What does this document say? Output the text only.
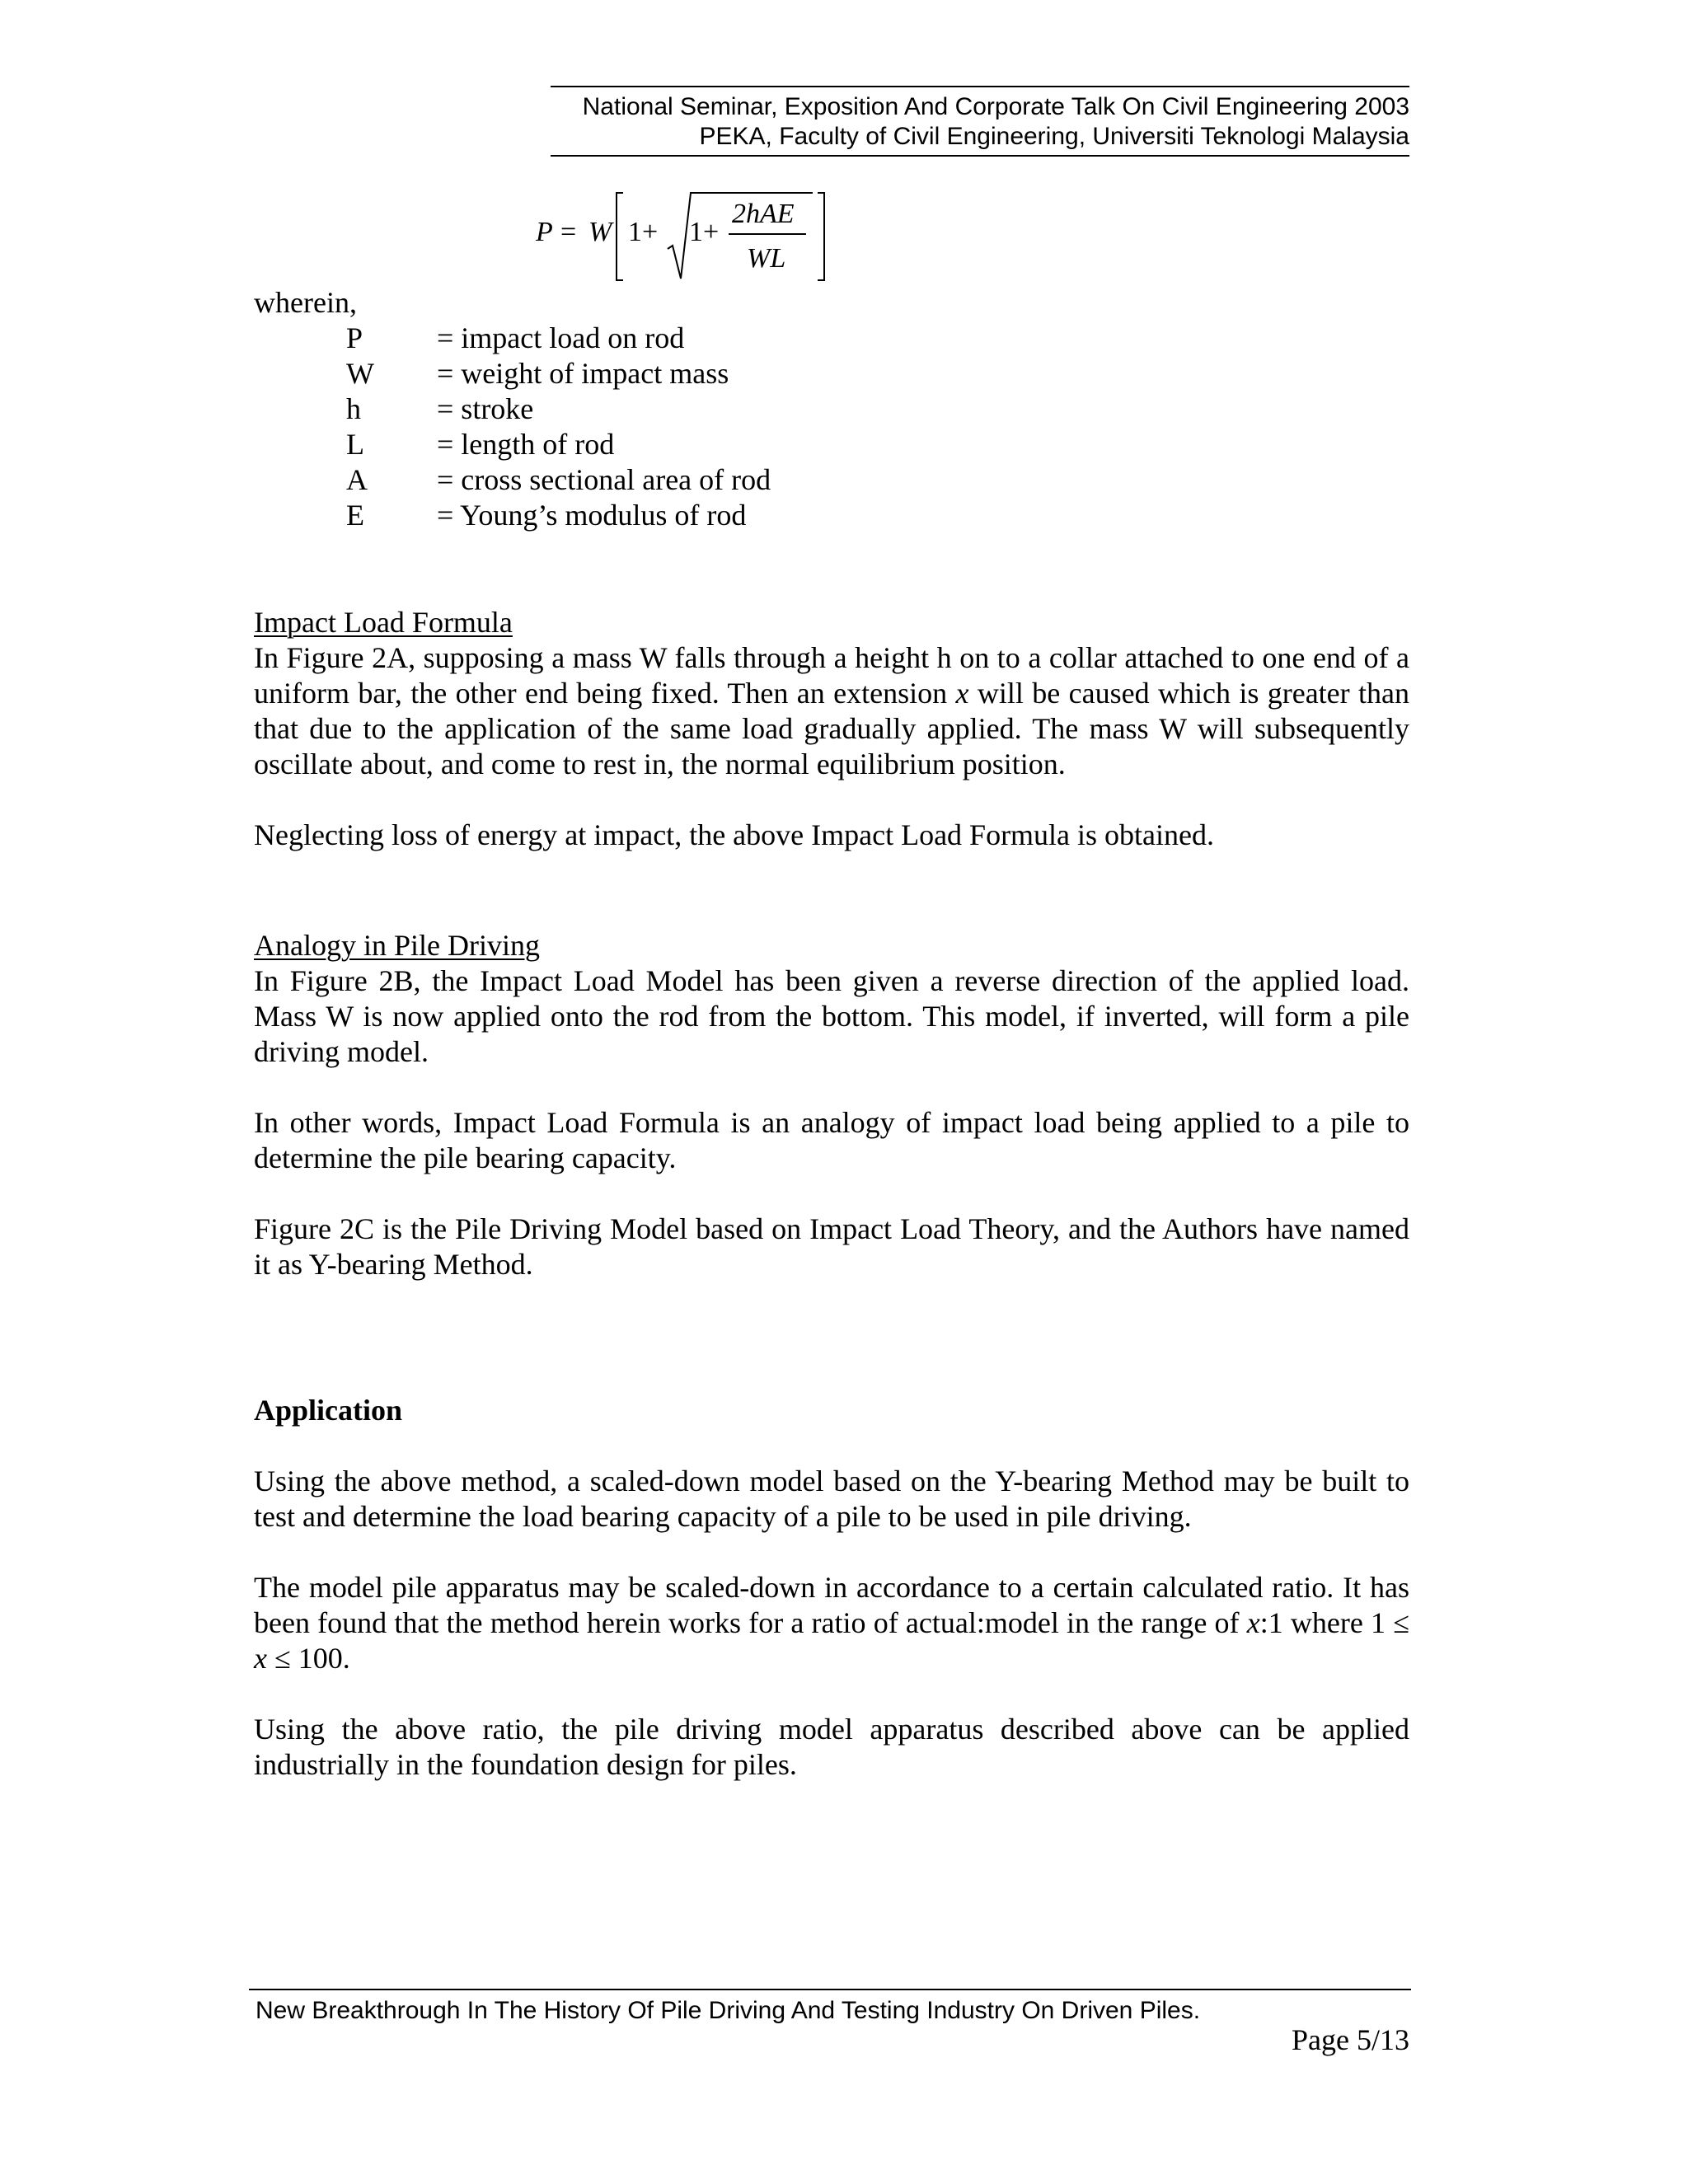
National Seminar, Exposition And Corporate Talk On Civil Engineering 2003
PEKA, Faculty of Civil Engineering, Universiti Teknologi Malaysia
P = W 1+ 1+
2hAE
WL
wherein,
P	= impact load on rod
W	= weight of impact mass
h	= stroke
L	= length of rod
A	= cross sectional area of rod
E	= Young’s modulus of rod
Impact Load Formula

In Figure 2A, supposing a mass W falls through a height h on to a collar attached to one end of a uniform bar, the other end being fixed. Then an extension x will be caused which is greater than that due to the application of the same load gradually applied. The mass W will subsequently oscillate about, and come to rest in, the normal equilibrium position.

Neglecting loss of energy at impact, the above Impact Load Formula is obtained.

Analogy in Pile Driving

In Figure 2B, the Impact Load Model has been given a reverse direction of the applied load. Mass W is now applied onto the rod from the bottom. This model, if inverted, will form a pile driving model.

In other words, Impact Load Formula is an analogy of impact load being applied to a pile to determine the pile bearing capacity.

Figure 2C is the Pile Driving Model based on Impact Load Theory, and the Authors have named it as Y-bearing Method.

Application

Using the above method, a scaled-down model based on the Y-bearing Method may be built to test and determine the load bearing capacity of a pile to be used in pile driving.

The model pile apparatus may be scaled-down in accordance to a certain calculated ratio. It has been found that the method herein works for a ratio of actual:model in the range of x:1 where 1 ≤ x ≤ 100.

Using the above ratio, the pile driving model apparatus described above can be applied industrially in the foundation design for piles.

New Breakthrough In The History Of Pile Driving And Testing Industry On Driven Piles.
Page 5/13
